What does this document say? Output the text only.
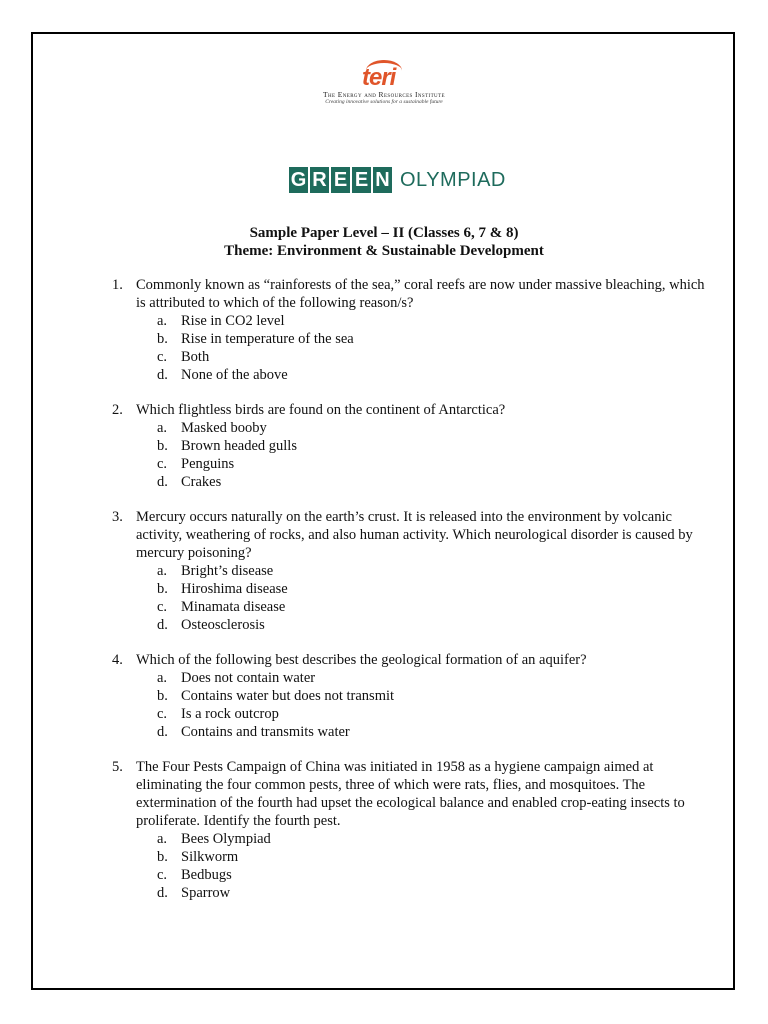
teri
The Energy and Resources Institute
Creating innovative solutions for a sustainable future
G R E E N OLYMPIAD
Sample Paper Level – II (Classes 6, 7 & 8)
Theme: Environment & Sustainable Development
1. Commonly known as “rainforests of the sea,” coral reefs are now under massive bleaching, which is attributed to which of the following reason/s?
a. Rise in CO2 level
b. Rise in temperature of the sea
c. Both
d. None of the above
2. Which flightless birds are found on the continent of Antarctica?
a. Masked booby
b. Brown headed gulls
c. Penguins
d. Crakes
3. Mercury occurs naturally on the earth’s crust. It is released into the environment by volcanic activity, weathering of rocks, and also human activity. Which neurological disorder is caused by mercury poisoning?
a. Bright’s disease
b. Hiroshima disease
c. Minamata disease
d. Osteosclerosis
4. Which of the following best describes the geological formation of an aquifer?
a. Does not contain water
b. Contains water but does not transmit
c. Is a rock outcrop
d. Contains and transmits water
5. The Four Pests Campaign of China was initiated in 1958 as a hygiene campaign aimed at eliminating the four common pests, three of which were rats, flies, and mosquitoes. The extermination of the fourth had upset the ecological balance and enabled crop-eating insects to proliferate. Identify the fourth pest.
a. Bees Olympiad
b. Silkworm
c. Bedbugs
d. Sparrow
